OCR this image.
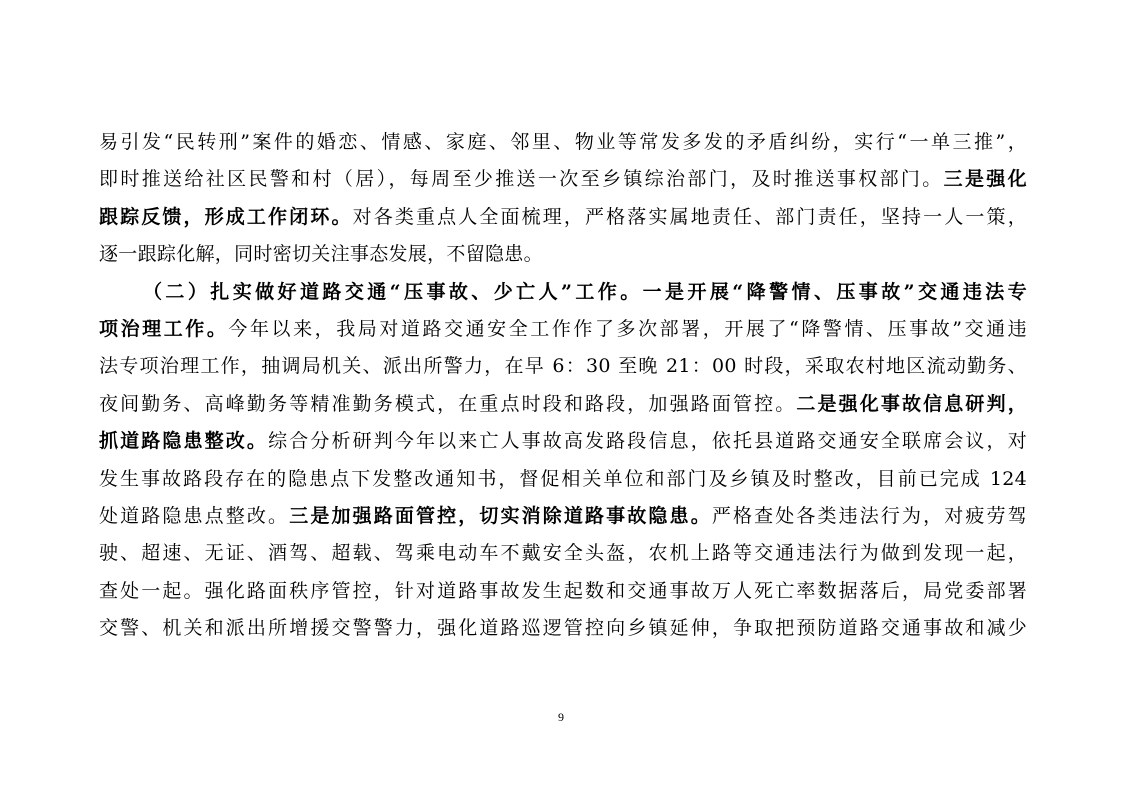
易引发“民转刑”案件的婚恋、情感、家庭、邻里、物业等常发多发的矛盾纠纷，实行“一单三推”，
即时推送给社区民警和村（居），每周至少推送一次至乡镇综治部门，及时推送事权部门。三是强化
跟踪反馈，形成工作闭环。对各类重点人全面梳理，严格落实属地责任、部门责任，坚持一人一策，
逐一跟踪化解，同时密切关注事态发展，不留隐患。
（二）扎实做好道路交通“压事故、少亡人”工作。一是开展“降警情、压事故”交通违法专
项治理工作。今年以来，我局对道路交通安全工作作了多次部署，开展了“降警情、压事故”交通违
法专项治理工作，抽调局机关、派出所警力，在早 6：30 至晚 21：00 时段，采取农村地区流动勤务、
夜间勤务、高峰勤务等精准勤务模式，在重点时段和路段，加强路面管控。二是强化事故信息研判，
抓道路隐患整改。综合分析研判今年以来亡人事故高发路段信息，依托县道路交通安全联席会议，对
发生事故路段存在的隐患点下发整改通知书，督促相关单位和部门及乡镇及时整改，目前已完成 124
处道路隐患点整改。三是加强路面管控，切实消除道路事故隐患。严格查处各类违法行为，对疲劳驾
驶、超速、无证、酒驾、超载、驾乘电动车不戴安全头盔，农机上路等交通违法行为做到发现一起，
查处一起。强化路面秩序管控，针对道路事故发生起数和交通事故万人死亡率数据落后，局党委部署
交警、机关和派出所增援交警警力，强化道路巡逻管控向乡镇延伸，争取把预防道路交通事故和减少
9
